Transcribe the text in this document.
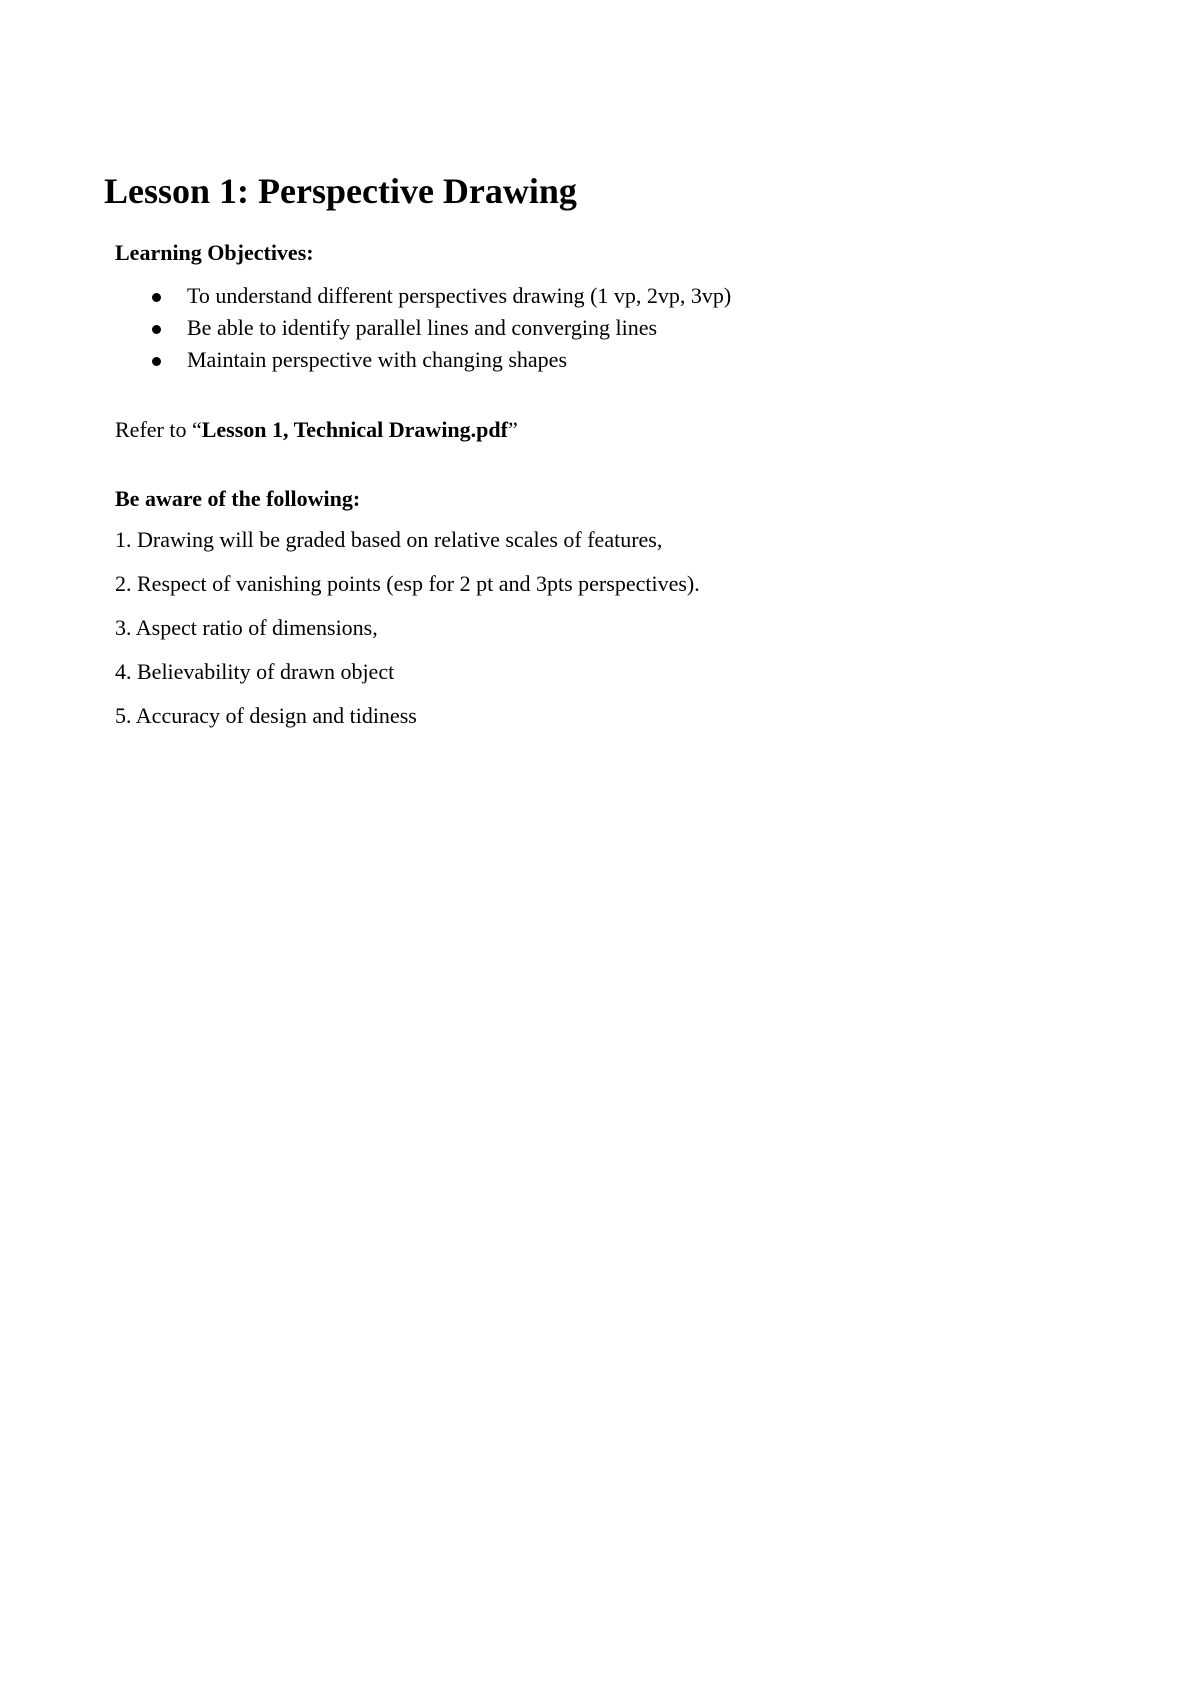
Lesson 1: Perspective Drawing

Learning Objectives:

To understand different perspectives drawing (1 vp, 2vp, 3vp)
Be able to identify parallel lines and converging lines
Maintain perspective with changing shapes

Refer to “Lesson 1, Technical Drawing.pdf”

Be aware of the following:

1. Drawing will be graded based on relative scales of features,
2. Respect of vanishing points (esp for 2 pt and 3pts perspectives).
3. Aspect ratio of dimensions,
4. Believability of drawn object
5. Accuracy of design and tidiness
